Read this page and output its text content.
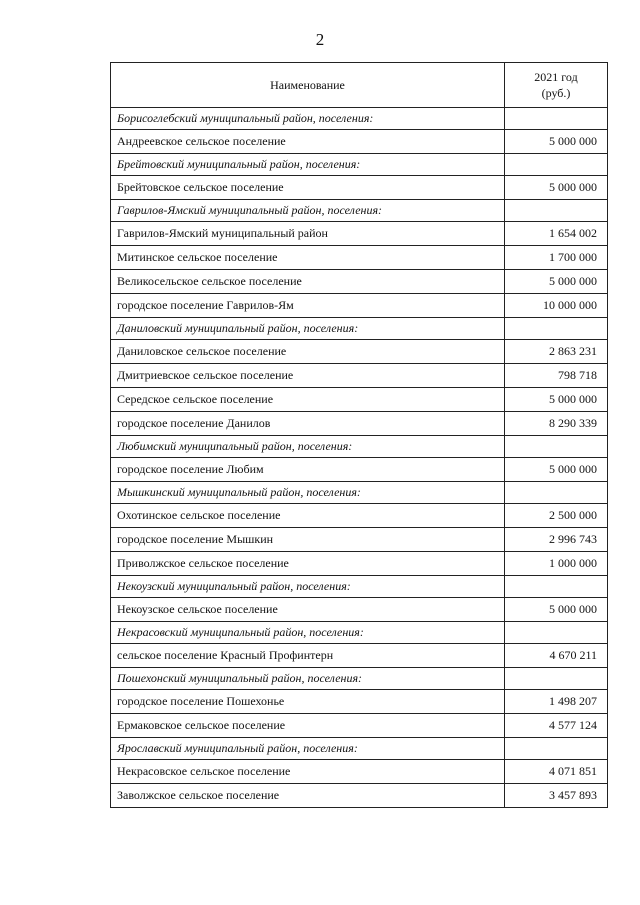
2
Наименование	2021 год
(руб.)
Борисоглебский муниципальный район, поселения:	
Андреевское сельское поселение	5 000 000
Брейтовский муниципальный район, поселения:	
Брейтовское сельское поселение	5 000 000
Гаврилов-Ямский муниципальный район, поселения:	
Гаврилов-Ямский муниципальный район	1 654 002
Митинское сельское поселение	1 700 000
Великосельское сельское поселение	5 000 000
городское поселение Гаврилов-Ям	10 000 000
Даниловский муниципальный район, поселения:	
Даниловское сельское поселение	2 863 231
Дмитриевское сельское поселение	798 718
Середское сельское поселение	5 000 000
городское поселение Данилов	8 290 339
Любимский муниципальный район, поселения:	
городское поселение Любим	5 000 000
Мышкинский муниципальный район, поселения:	
Охотинское сельское поселение	2 500 000
городское поселение Мышкин	2 996 743
Приволжское сельское поселение	1 000 000
Некоузский муниципальный район, поселения:	
Некоузское сельское поселение	5 000 000
Некрасовский муниципальный район, поселения:	
сельское поселение Красный Профинтерн	4 670 211
Пошехонский муниципальный район, поселения:	
городское поселение Пошехонье	1 498 207
Ермаковское сельское поселение	4 577 124
Ярославский муниципальный район, поселения:	
Некрасовское сельское поселение	4 071 851
Заволжское сельское поселение	3 457 893
